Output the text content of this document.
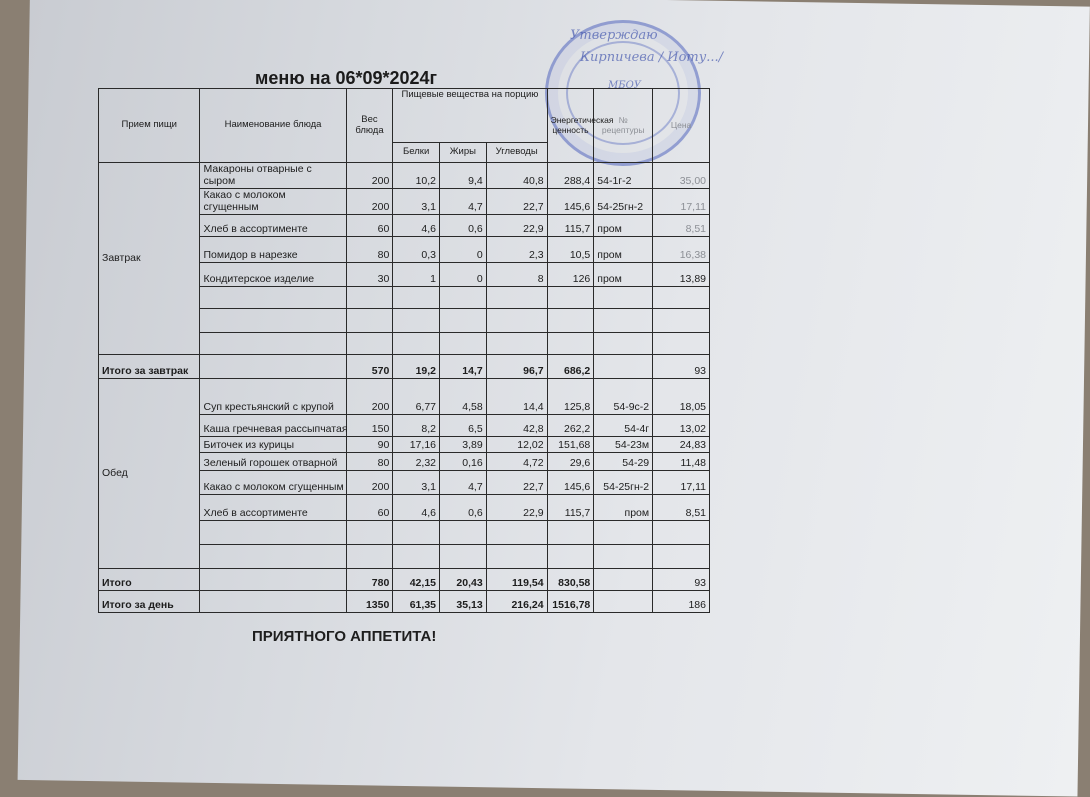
меню на 06*09*2024г
Утверждаю
Кирпичева / Иоту.../
МБОУ
Прием пищи	Наименование блюда	Вес блюда	Пищевые вещества на порцию			Энергетическая ценность	№ рецептуры	Цена
			Белки	Жиры	Углеводы			
Завтрак	Макароны отварные с сыром	200	10,2	9,4	40,8	288,4	54-1г-2	35,00
	Какао с молоком сгущенным	200	3,1	4,7	22,7	145,6	54-25гн-2	17,11
	Хлеб в ассортименте	60	4,6	0,6	22,9	115,7	пром	8,51
	Помидор в нарезке	80	0,3	0	2,3	10,5	пром	16,38
	Кондитерское изделие	30	1	0	8	126	пром	13,89

Итого за завтрак		570	19,2	14,7	96,7	686,2		93
Обед	Суп крестьянский с крупой	200	6,77	4,58	14,4	125,8	54-9с-2	18,05
	Каша гречневая рассыпчатая	150	8,2	6,5	42,8	262,2	54-4г	13,02
	Биточек из курицы	90	17,16	3,89	12,02	151,68	54-23м	24,83
	Зеленый горошек отварной	80	2,32	0,16	4,72	29,6	54-29	11,48
	Какао с молоком сгущенным	200	3,1	4,7	22,7	145,6	54-25гн-2	17,11
	Хлеб в ассортименте	60	4,6	0,6	22,9	115,7	пром	8,51

Итого		780	42,15	20,43	119,54	830,58		93
Итого за день		1350	61,35	35,13	216,24	1516,78		186
ПРИЯТНОГО АППЕТИТА!
